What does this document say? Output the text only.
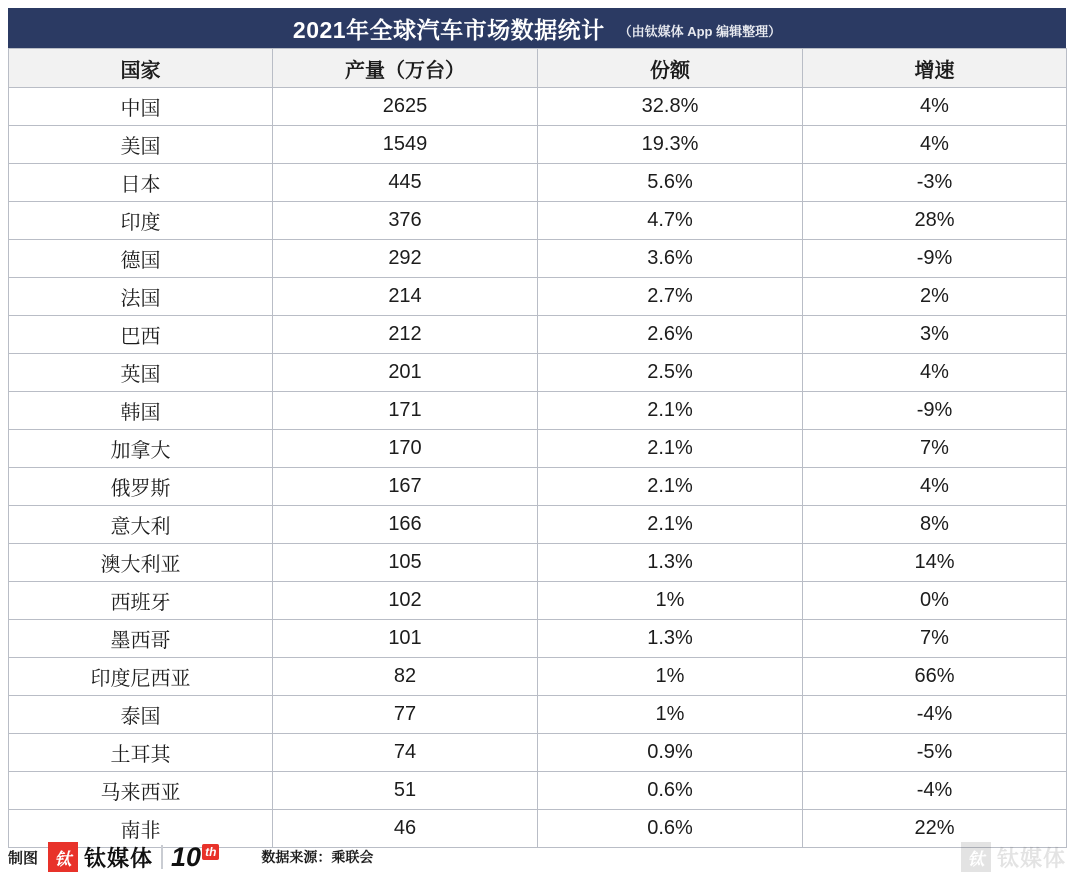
2021年全球汽车市场数据统计 （由钛媒体 App 编辑整理）
国家	产量（万台）	份额	增速
中国	2625	32.8%	4%
美国	1549	19.3%	4%
日本	445	5.6%	-3%
印度	376	4.7%	28%
德国	292	3.6%	-9%
法国	214	2.7%	2%
巴西	212	2.6%	3%
英国	201	2.5%	4%
韩国	171	2.1%	-9%
加拿大	170	2.1%	7%
俄罗斯	167	2.1%	4%
意大利	166	2.1%	8%
澳大利亚	105	1.3%	14%
西班牙	102	1%	0%
墨西哥	101	1.3%	7%
印度尼西亚	82	1%	66%
泰国	77	1%	-4%
土耳其	74	0.9%	-5%
马来西亚	51	0.6%	-4%
南非	46	0.6%	22%
制图 钛 钛媒体 10 $^{th}$	数据来源：乘联会	钛 钛媒体
